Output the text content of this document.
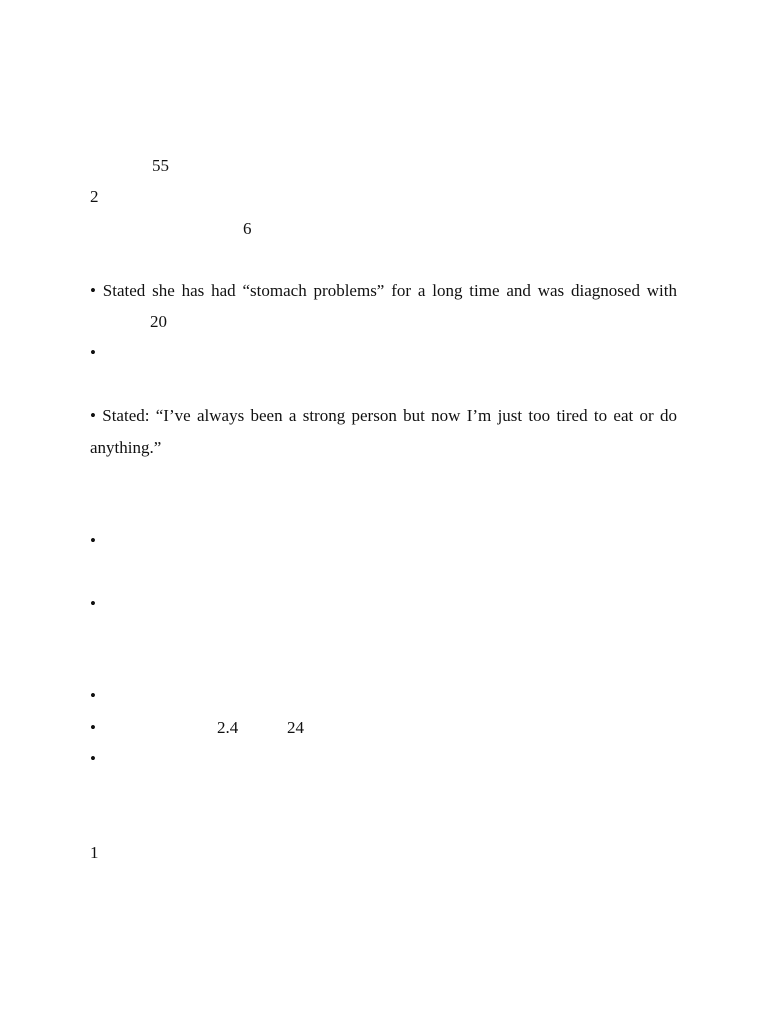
55
2
6
• Stated she has had “stomach problems” for a long time and was diagnosed with
20
•
• Stated: “I’ve always been a strong person but now I’m just too tired to eat or do
anything.”
•
•
•
•	2.4	24
•
1
